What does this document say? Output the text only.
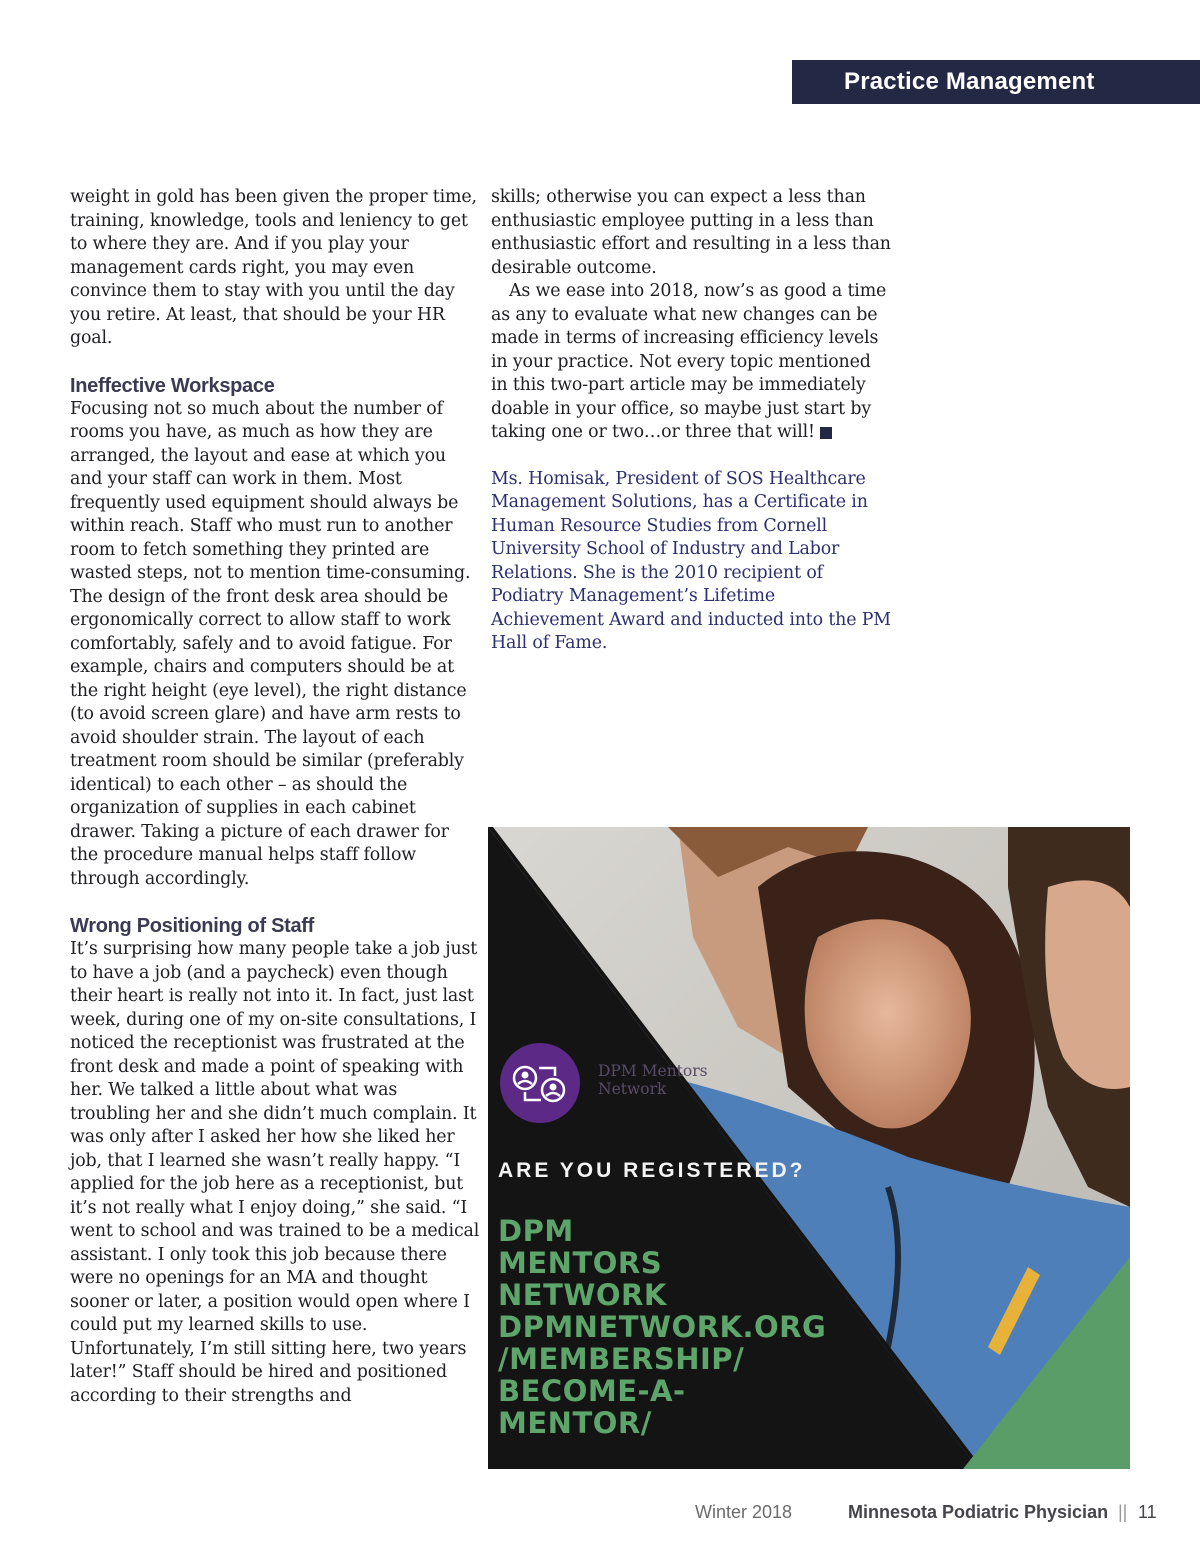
Practice Management

weight in gold has been given the proper time, training, knowledge, tools and leniency to get to where they are. And if you play your management cards right, you may even convince them to stay with you until the day you retire. At least, that should be your HR goal.

Ineffective Workspace

Focusing not so much about the number of rooms you have, as much as how they are arranged, the layout and ease at which you and your staff can work in them. Most frequently used equipment should always be within reach. Staff who must run to another room to fetch something they printed are wasted steps, not to mention time-consuming. The design of the front desk area should be ergonomically correct to allow staff to work comfortably, safely and to avoid fatigue. For example, chairs and computers should be at the right height (eye level), the right distance (to avoid screen glare) and have arm rests to avoid shoulder strain. The layout of each treatment room should be similar (preferably identical) to each other – as should the organization of supplies in each cabinet drawer. Taking a picture of each drawer for the procedure manual helps staff follow through accordingly.

Wrong Positioning of Staff

It’s surprising how many people take a job just to have a job (and a paycheck) even though their heart is really not into it. In fact, just last week, during one of my on-site consultations, I noticed the receptionist was frustrated at the front desk and made a point of speaking with her. We talked a little about what was troubling her and she didn’t much complain. It was only after I asked her how she liked her job, that I learned she wasn’t really happy. “I applied for the job here as a receptionist, but it’s not really what I enjoy doing,” she said. “I went to school and was trained to be a medical assistant. I only took this job because there were no openings for an MA and thought sooner or later, a position would open where I could put my learned skills to use. Unfortunately, I’m still sitting here, two years later!” Staff should be hired and positioned according to their strengths and

skills; otherwise you can expect a less than enthusiastic employee putting in a less than enthusiastic effort and resulting in a less than desirable outcome.

As we ease into 2018, now’s as good a time as any to evaluate what new changes can be made in terms of increasing efficiency levels in your practice. Not every topic mentioned in this two-part article may be immediately doable in your office, so maybe just start by taking one or two…or three that will!	›

Ms. Homisak, President of SOS Healthcare Management Solutions, has a Certificate in Human Resource Studies from Cornell University School of Industry and Labor Relations. She is the 2010 recipient of Podiatry Management’s Lifetime Achievement Award and inducted into the PM Hall of Fame.

DPM Mentors
Network
ARE YOU REGISTERED?
DPM
MENTORS
NETWORK
DPMNETWORK.ORG
/MEMBERSHIP/
BECOME-A-
MENTOR/
Winter 2018	Minnesota Podiatric Physician || 11
